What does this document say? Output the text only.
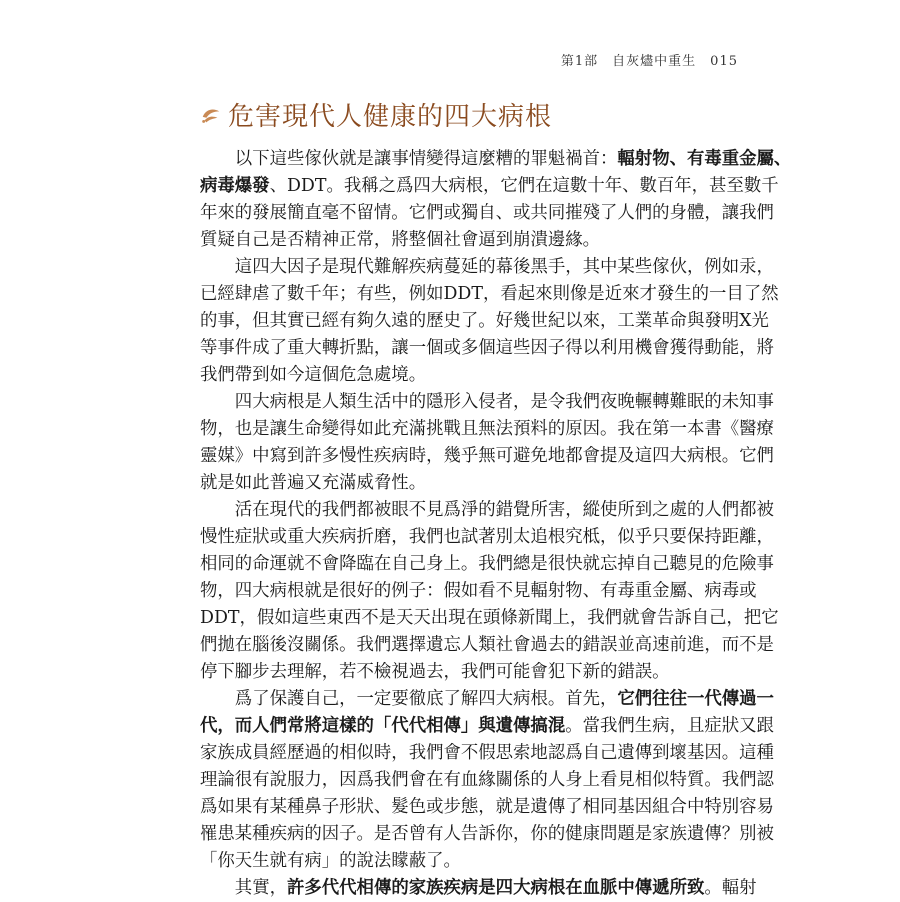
第1部 自灰燼中重生 015
危害現代人健康的四大病根

以下這些傢伙就是讓事情變得這麼糟的罪魁禍首：輻射物、有毒重金屬、
病毒爆發、DDT。我稱之爲四大病根，它們在這數十年、數百年，甚至數千
年來的發展簡直毫不留情。它們或獨自、或共同摧殘了人們的身體，讓我們
質疑自己是否精神正常，將整個社會逼到崩潰邊緣。

這四大因子是現代難解疾病蔓延的幕後黑手，其中某些傢伙，例如汞，
已經肆虐了數千年；有些，例如DDT，看起來則像是近來才發生的一目了然
的事，但其實已經有夠久遠的歷史了。好幾世紀以來，工業革命與發明X光
等事件成了重大轉折點，讓一個或多個這些因子得以利用機會獲得動能，將
我們帶到如今這個危急處境。

四大病根是人類生活中的隱形入侵者，是令我們夜晚輾轉難眠的未知事
物，也是讓生命變得如此充滿挑戰且無法預料的原因。我在第一本書《醫療
靈媒》中寫到許多慢性疾病時，幾乎無可避免地都會提及這四大病根。它們
就是如此普遍又充滿威脅性。

活在現代的我們都被眼不見爲淨的錯覺所害，縱使所到之處的人們都被
慢性症狀或重大疾病折磨，我們也試著別太追根究柢，似乎只要保持距離，
相同的命運就不會降臨在自己身上。我們總是很快就忘掉自己聽見的危險事
物，四大病根就是很好的例子：假如看不見輻射物、有毒重金屬、病毒或
DDT，假如這些東西不是天天出現在頭條新聞上，我們就會告訴自己，把它
們拋在腦後沒關係。我們選擇遺忘人類社會過去的錯誤並高速前進，而不是
停下腳步去理解，若不檢視過去，我們可能會犯下新的錯誤。

爲了保護自己，一定要徹底了解四大病根。首先，它們往往一代傳過一
代，而人們常將這樣的「代代相傳」與遺傳搞混。當我們生病，且症狀又跟
家族成員經歷過的相似時，我們會不假思索地認爲自己遺傳到壞基因。這種
理論很有說服力，因爲我們會在有血緣關係的人身上看見相似特質。我們認
爲如果有某種鼻子形狀、髮色或步態，就是遺傳了相同基因組合中特別容易
罹患某種疾病的因子。是否曾有人告訴你，你的健康問題是家族遺傳？別被
「你天生就有病」的說法矇蔽了。

其實，許多代代相傳的家族疾病是四大病根在血脈中傳遞所致。輻射
